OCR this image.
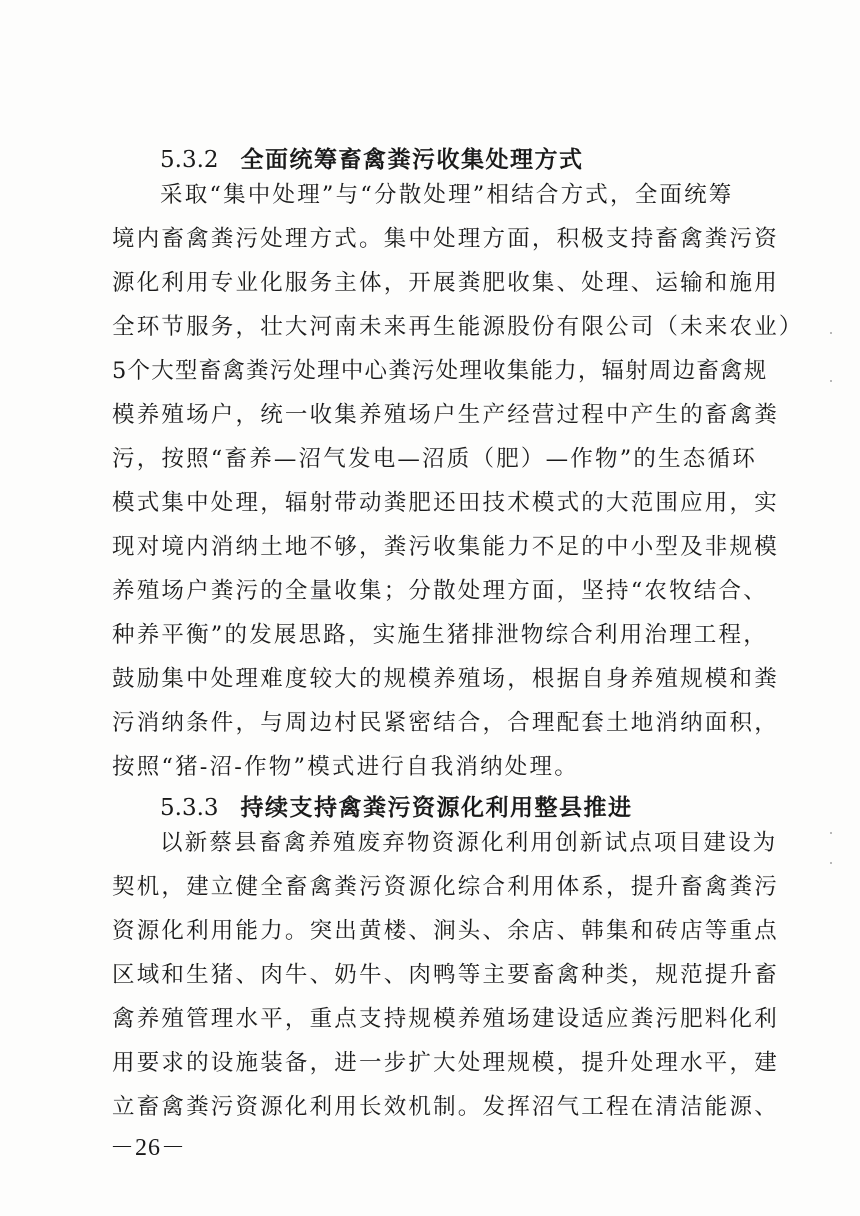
5.3.2 全面统筹畜禽粪污收集处理方式
采取“集中处理”与“分散处理”相结合方式，全面统筹
境内畜禽粪污处理方式。集中处理方面，积极支持畜禽粪污资
源化利用专业化服务主体，开展粪肥收集、处理、运输和施用
全环节服务，壮大河南未来再生能源股份有限公司（未来农业）
5个大型畜禽粪污处理中心粪污处理收集能力，辐射周边畜禽规
模养殖场户，统一收集养殖场户生产经营过程中产生的畜禽粪
污，按照“畜养—沼气发电—沼质（肥）—作物”的生态循环
模式集中处理，辐射带动粪肥还田技术模式的大范围应用，实
现对境内消纳土地不够，粪污收集能力不足的中小型及非规模
养殖场户粪污的全量收集；分散处理方面，坚持“农牧结合、
种养平衡”的发展思路，实施生猪排泄物综合利用治理工程，
鼓励集中处理难度较大的规模养殖场，根据自身养殖规模和粪
污消纳条件，与周边村民紧密结合，合理配套土地消纳面积，
按照“猪-沼-作物”模式进行自我消纳处理。
5.3.3 持续支持禽粪污资源化利用整县推进
以新蔡县畜禽养殖废弃物资源化利用创新试点项目建设为
契机，建立健全畜禽粪污资源化综合利用体系，提升畜禽粪污
资源化利用能力。突出黄楼、涧头、余店、韩集和砖店等重点
区域和生猪、肉牛、奶牛、肉鸭等主要畜禽种类，规范提升畜
禽养殖管理水平，重点支持规模养殖场建设适应粪污肥料化利
用要求的设施装备，进一步扩大处理规模，提升处理水平，建
立畜禽粪污资源化利用长效机制。发挥沼气工程在清洁能源、
－26－
